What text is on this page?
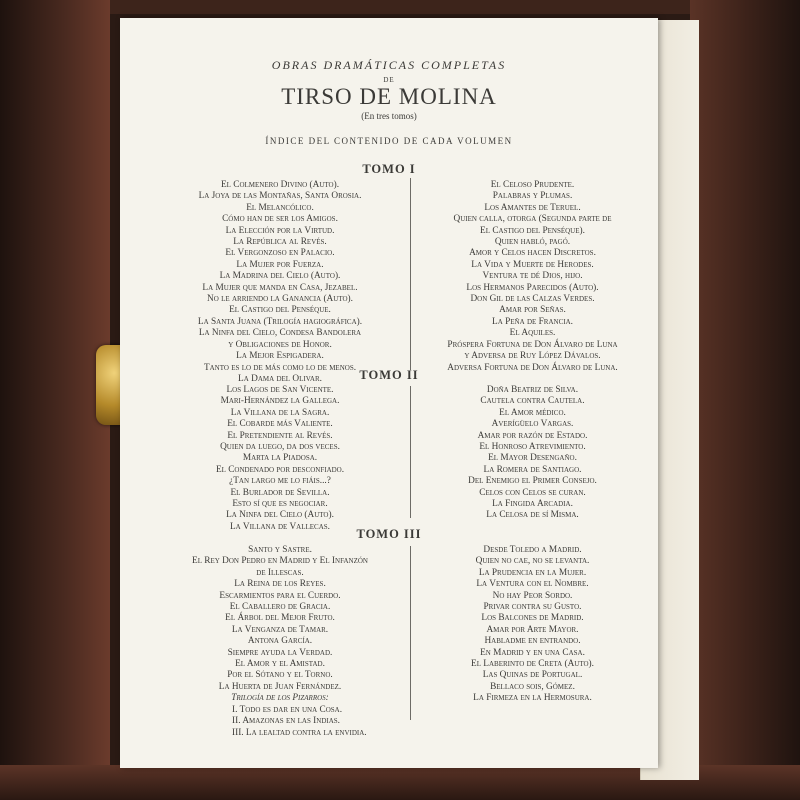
OBRAS DRAMÁTICAS COMPLETAS
DE
TIRSO DE MOLINA
(En tres tomos)
ÍNDICE DEL CONTENIDO DE CADA VOLUMEN
TOMO I
El Colmenero Divino (Auto).
La Joya de las Montañas, Santa Orosia.
El Melancólico.
Cómo han de ser los Amigos.
La Elección por la Virtud.
La República al Revés.
El Vergonzoso en Palacio.
La Mujer por Fuerza.
La Madrina del Cielo (Auto).
La Mujer que manda en Casa, Jezabel.
No le arriendo la Ganancia (Auto).
El Castigo del Penséque.
La Santa Juana (Trilogía hagiográfica).
La Ninfa del Cielo, Condesa Bandolera
y Obligaciones de Honor.
La Mejor Espigadera.
Tanto es lo de más como lo de menos.
La Dama del Olivar.
El Celoso Prudente.
Palabras y Plumas.
Los Amantes de Teruel.
Quien calla, otorga (Segunda parte de
El Castigo del Penséque).
Quien habló, pagó.
Amor y Celos hacen Discretos.
La Vida y Muerte de Herodes.
Ventura te dé Dios, hijo.
Los Hermanos Parecidos (Auto).
Don Gil de las Calzas Verdes.
Amar por Señas.
La Peña de Francia.
El Aquiles.
Próspera Fortuna de Don Álvaro de Luna
y Adversa de Ruy López Dávalos.
Adversa Fortuna de Don Álvaro de Luna.
TOMO II
Los Lagos de San Vicente.
Mari-Hernández la Gallega.
La Villana de la Sagra.
El Cobarde más Valiente.
El Pretendiente al Revés.
Quien da luego, da dos veces.
Marta la Piadosa.
El Condenado por desconfiado.
¿Tan largo me lo fiáis...?
El Burlador de Sevilla.
Esto sí que es negociar.
La Ninfa del Cielo (Auto).
La Villana de Vallecas.
Doña Beatriz de Silva.
Cautela contra Cautela.
El Amor médico.
Averígüelo Vargas.
Amar por razón de Estado.
El Honroso Atrevimiento.
El Mayor Desengaño.
La Romera de Santiago.
Del Enemigo el Primer Consejo.
Celos con Celos se curan.
La Fingida Arcadia.
La Celosa de sí Misma.
TOMO III
Santo y Sastre.
El Rey Don Pedro en Madrid y El Infanzón
de Illescas.
La Reina de los Reyes.
Escarmientos para el Cuerdo.
El Caballero de Gracia.
El Árbol del Mejor Fruto.
La Venganza de Tamar.
Antona García.
Siempre ayuda la Verdad.
El Amor y el Amistad.
Por el Sótano y el Torno.
La Huerta de Juan Fernández.
Trilogía de los Pizarros:
I. Todo es dar en una Cosa.
II. Amazonas en las Indias.
III. La lealtad contra la envidia.
Desde Toledo a Madrid.
Quien no cae, no se levanta.
La Prudencia en la Mujer.
La Ventura con el Nombre.
No hay Peor Sordo.
Privar contra su Gusto.
Los Balcones de Madrid.
Amar por Arte Mayor.
Habladme en entrando.
En Madrid y en una Casa.
El Laberinto de Creta (Auto).
Las Quinas de Portugal.
Bellaco sois, Gómez.
La Firmeza en la Hermosura.
